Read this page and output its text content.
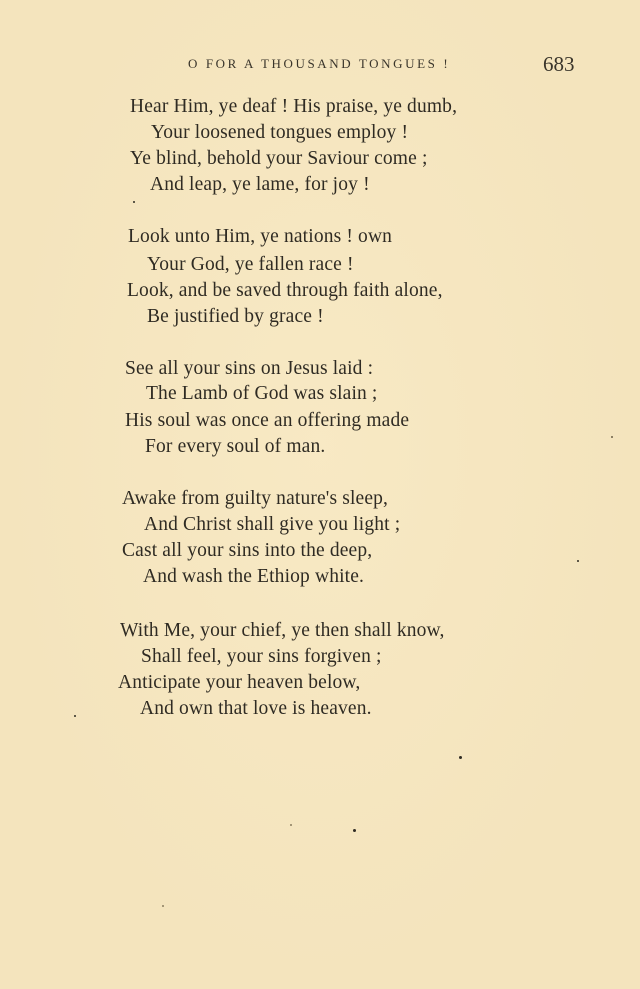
O FOR A THOUSAND TONGUES !	683
Hear Him, ye deaf ! His praise, ye dumb,
Your loosened tongues employ !
Ye blind, behold your Saviour come ;
And leap, ye lame, for joy !
Look unto Him, ye nations ! own
Your God, ye fallen race !
Look, and be saved through faith alone,
Be justified by grace !
See all your sins on Jesus laid :
The Lamb of God was slain ;
His soul was once an offering made
For every soul of man.
Awake from guilty nature's sleep,
And Christ shall give you light ;
Cast all your sins into the deep,
And wash the Ethiop white.
With Me, your chief, ye then shall know,
Shall feel, your sins forgiven ;
Anticipate your heaven below,
And own that love is heaven.
